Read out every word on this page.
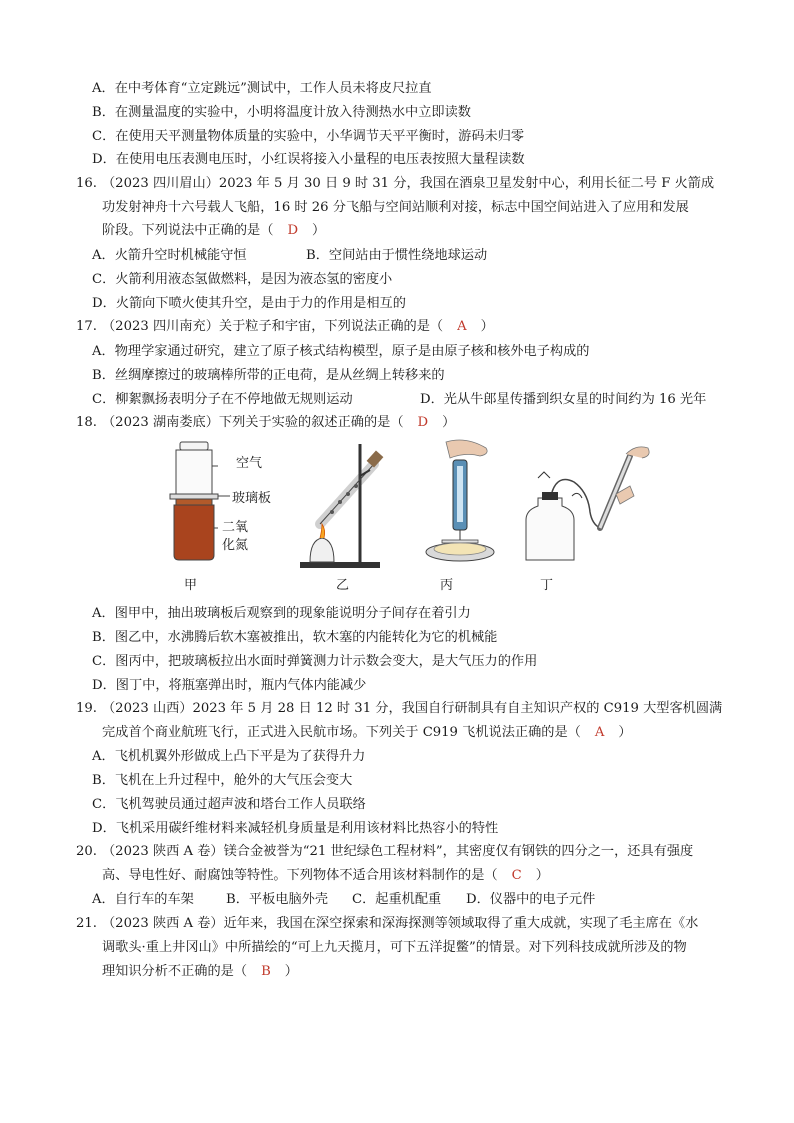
A．在中考体育“立定跳远”测试中，工作人员未将皮尺拉直
B．在测量温度的实验中，小明将温度计放入待测热水中立即读数
C．在使用天平测量物体质量的实验中，小华调节天平平衡时，游码未归零
D．在使用电压表测电压时，小红误将接入小量程的电压表按照大量程读数
16. （2023 四川眉山）2023 年 5 月 30 日 9 时 31 分，我国在酒泉卫星发射中心，利用长征二号 F 火箭成
功发射神舟十六号载人飞船，16 时 26 分飞船与空间站顺利对接，标志中国空间站进入了应用和发展
阶段。下列说法中正确的是（ D ）
A．火箭升空时机械能守恒	B．空间站由于惯性绕地球运动
C．火箭利用液态氢做燃料，是因为液态氢的密度小
D．火箭向下喷火使其升空，是由于力的作用是相互的
17. （2023 四川南充）关于粒子和宇宙，下列说法正确的是（ A ）
A．物理学家通过研究，建立了原子核式结构模型，原子是由原子核和核外电子构成的
B．丝绸摩擦过的玻璃棒所带的正电荷，是从丝绸上转移来的
C．柳絮飘扬表明分子在不停地做无规则运动	D．光从牛郎星传播到织女星的时间约为 16 光年
18. （2023 湖南娄底）下列关于实验的叙述正确的是（ D ）
空气
玻璃板
二氧
化氮
甲	乙	丙	丁
A．图甲中，抽出玻璃板后观察到的现象能说明分子间存在着引力
B．图乙中，水沸腾后软木塞被推出，软木塞的内能转化为它的机械能
C．图丙中，把玻璃板拉出水面时弹簧测力计示数会变大，是大气压力的作用
D．图丁中，将瓶塞弹出时，瓶内气体内能减少
19. （2023 山西）2023 年 5 月 28 日 12 时 31 分，我国自行研制具有自主知识产权的 C919 大型客机圆满
完成首个商业航班飞行，正式进入民航市场。下列关于 C919 飞机说法正确的是（ A ）
A．飞机机翼外形做成上凸下平是为了获得升力
B．飞机在上升过程中，舱外的大气压会变大
C．飞机驾驶员通过超声波和塔台工作人员联络
D．飞机采用碳纤维材料来减轻机身质量是利用该材料比热容小的特性
20. （2023 陕西 A 卷）镁合金被誉为“21 世纪绿色工程材料”，其密度仅有钢铁的四分之一，还具有强度
高、导电性好、耐腐蚀等特性。下列物体不适合用该材料制作的是（ C ）
A．自行车的车架 B．平板电脑外壳 C．起重机配重 D．仪器中的电子元件
21. （2023 陕西 A 卷）近年来，我国在深空探索和深海探测等领域取得了重大成就，实现了毛主席在《水
调歌头·重上井冈山》中所描绘的“可上九天揽月，可下五洋捉鳖”的情景。对下列科技成就所涉及的物
理知识分析不正确的是（ B ）
